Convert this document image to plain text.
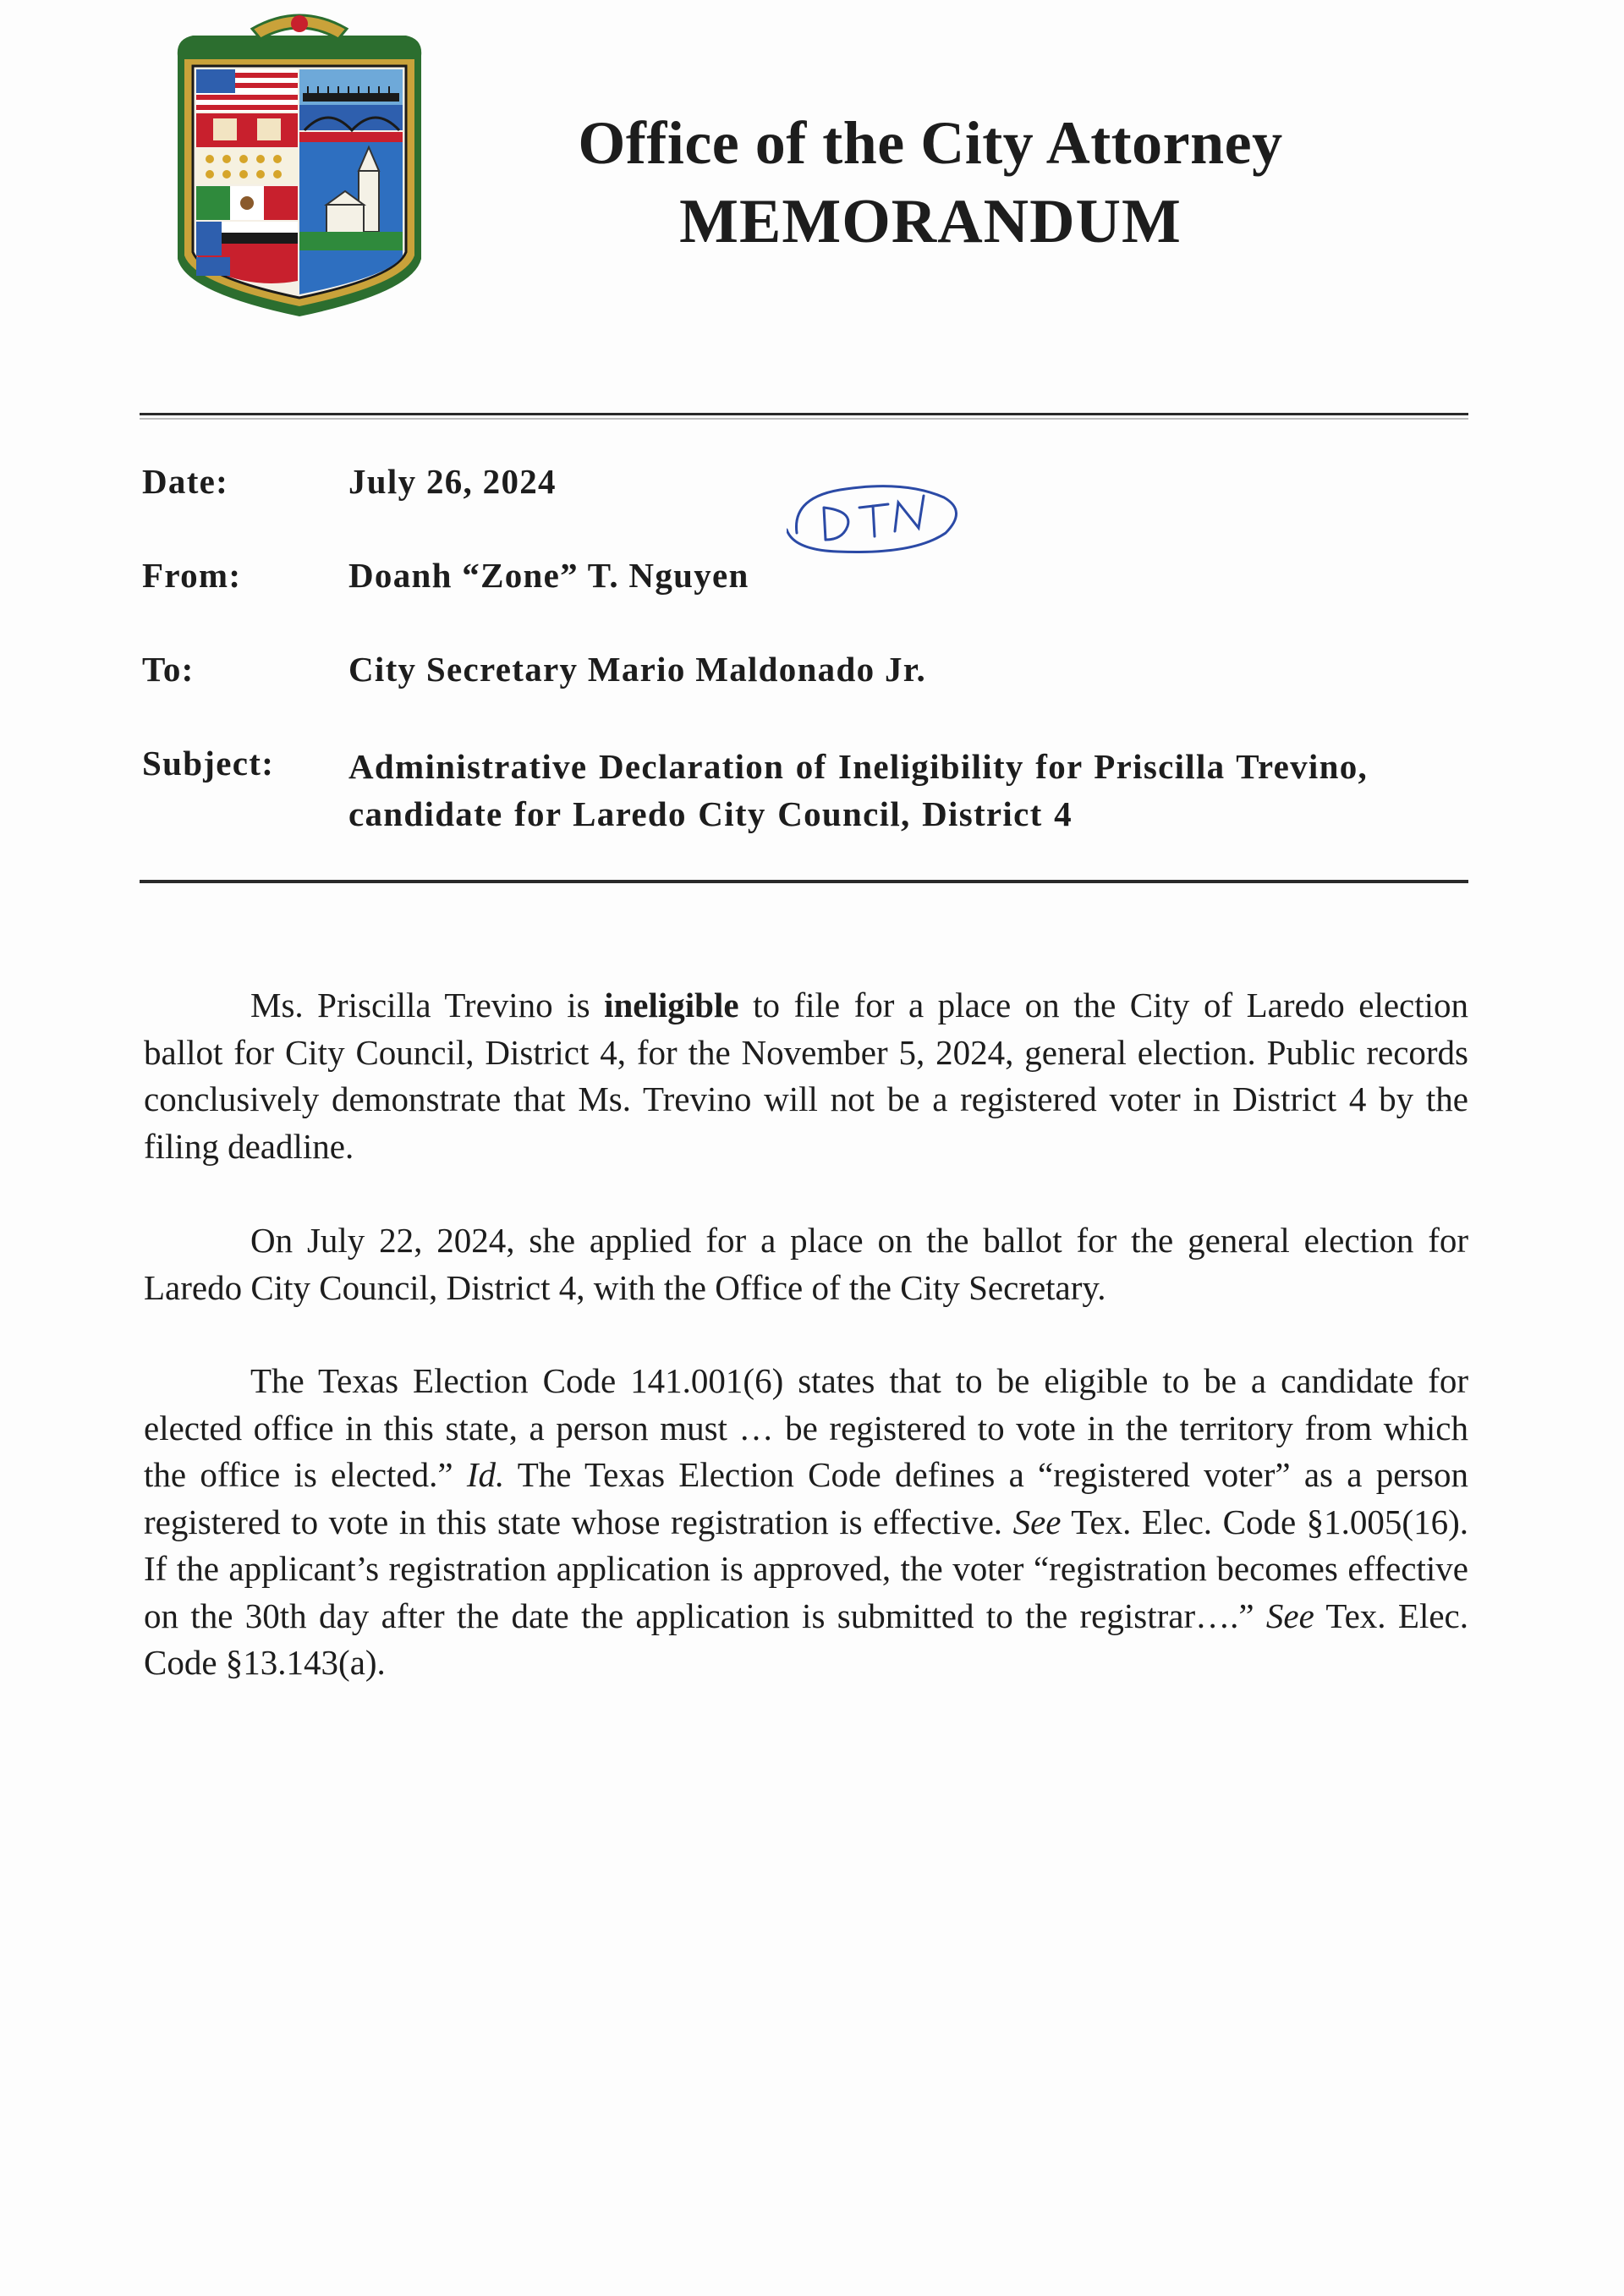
Office of the City Attorney
MEMORANDUM
Date:	July 26, 2024
From:	Doanh “Zone” T. Nguyen
To:	City Secretary Mario Maldonado Jr.
Subject: Administrative Declaration of Ineligibility for Priscilla Trevino, candidate for Laredo City Council, District 4
Ms. Priscilla Trevino is ineligible to file for a place on the City of Laredo election ballot for City Council, District 4, for the November 5, 2024, general election. Public records conclusively demonstrate that Ms. Trevino will not be a registered voter in District 4 by the filing deadline.
On July 22, 2024, she applied for a place on the ballot for the general election for Laredo City Council, District 4, with the Office of the City Secretary.
The Texas Election Code 141.001(6) states that to be eligible to be a candidate for elected office in this state, a person must … be registered to vote in the territory from which the office is elected.” Id. The Texas Election Code defines a “registered voter” as a person registered to vote in this state whose registration is effective. See Tex. Elec. Code §1.005(16). If the applicant’s registration application is approved, the voter “registration becomes effective on the 30th day after the date the application is submitted to the registrar….” See Tex. Elec. Code §13.143(a).
